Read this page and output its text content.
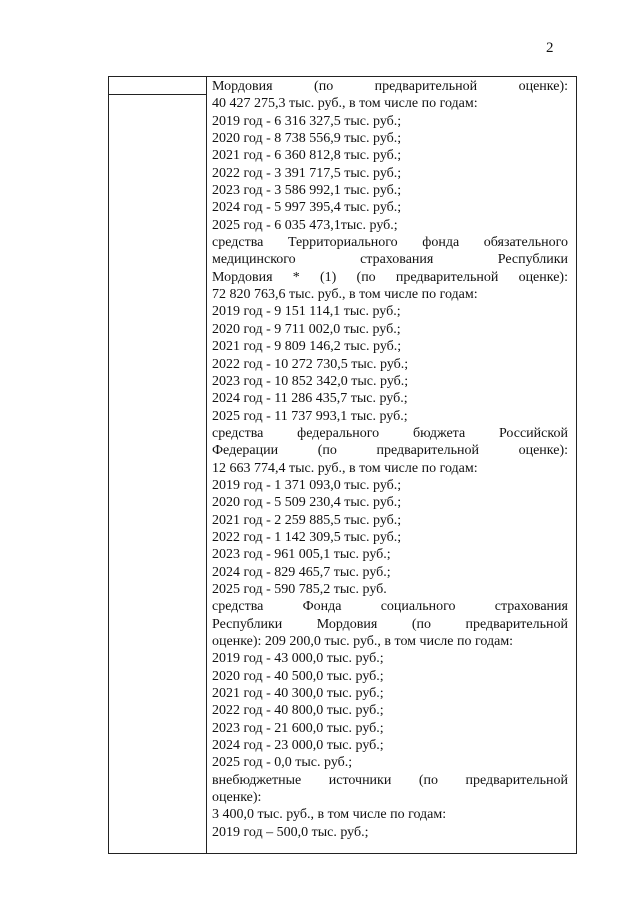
2
Мордовия	(по	предварительной	оценке):
40 427 275,3 тыс. руб., в том числе по годам:
2019 год - 6 316 327,5 тыс. руб.;
2020 год - 8 738 556,9 тыс. руб.;
2021 год - 6 360 812,8 тыс. руб.;
2022 год - 3 391 717,5 тыс. руб.;
2023 год - 3 586 992,1 тыс. руб.;
2024 год - 5 997 395,4 тыс. руб.;
2025 год - 6 035 473,1тыс. руб.;
средства Территориального фонда обязательного
медицинского	страхования	Республики
Мордовия * (1) (по предварительной оценке):
72 820 763,6 тыс. руб., в том числе по годам:
2019 год - 9 151 114,1 тыс. руб.;
2020 год - 9 711 002,0 тыс. руб.;
2021 год - 9 809 146,2 тыс. руб.;
2022 год - 10 272 730,5 тыс. руб.;
2023 год - 10 852 342,0 тыс. руб.;
2024 год - 11 286 435,7 тыс. руб.;
2025 год - 11 737 993,1 тыс. руб.;
средства федерального бюджета Российской
Федерации	(по	предварительной	оценке):
12 663 774,4 тыс. руб., в том числе по годам:
2019 год - 1 371 093,0 тыс. руб.;
2020 год - 5 509 230,4 тыс. руб.;
2021 год - 2 259 885,5 тыс. руб.;
2022 год - 1 142 309,5 тыс. руб.;
2023 год - 961 005,1 тыс. руб.;
2024 год - 829 465,7 тыс. руб.;
2025 год - 590 785,2 тыс. руб.
средства	Фонда	социального	страхования
Республики Мордовия (по предварительной
оценке): 209 200,0 тыс. руб., в том числе по годам:
2019 год - 43 000,0 тыс. руб.;
2020 год - 40 500,0 тыс. руб.;
2021 год - 40 300,0 тыс. руб.;
2022 год - 40 800,0 тыс. руб.;
2023 год - 21 600,0 тыс. руб.;
2024 год - 23 000,0 тыс. руб.;
2025 год - 0,0 тыс. руб.;
внебюджетные источники (по предварительной
оценке):
3 400,0 тыс. руб., в том числе по годам:
2019 год – 500,0 тыс. руб.;
